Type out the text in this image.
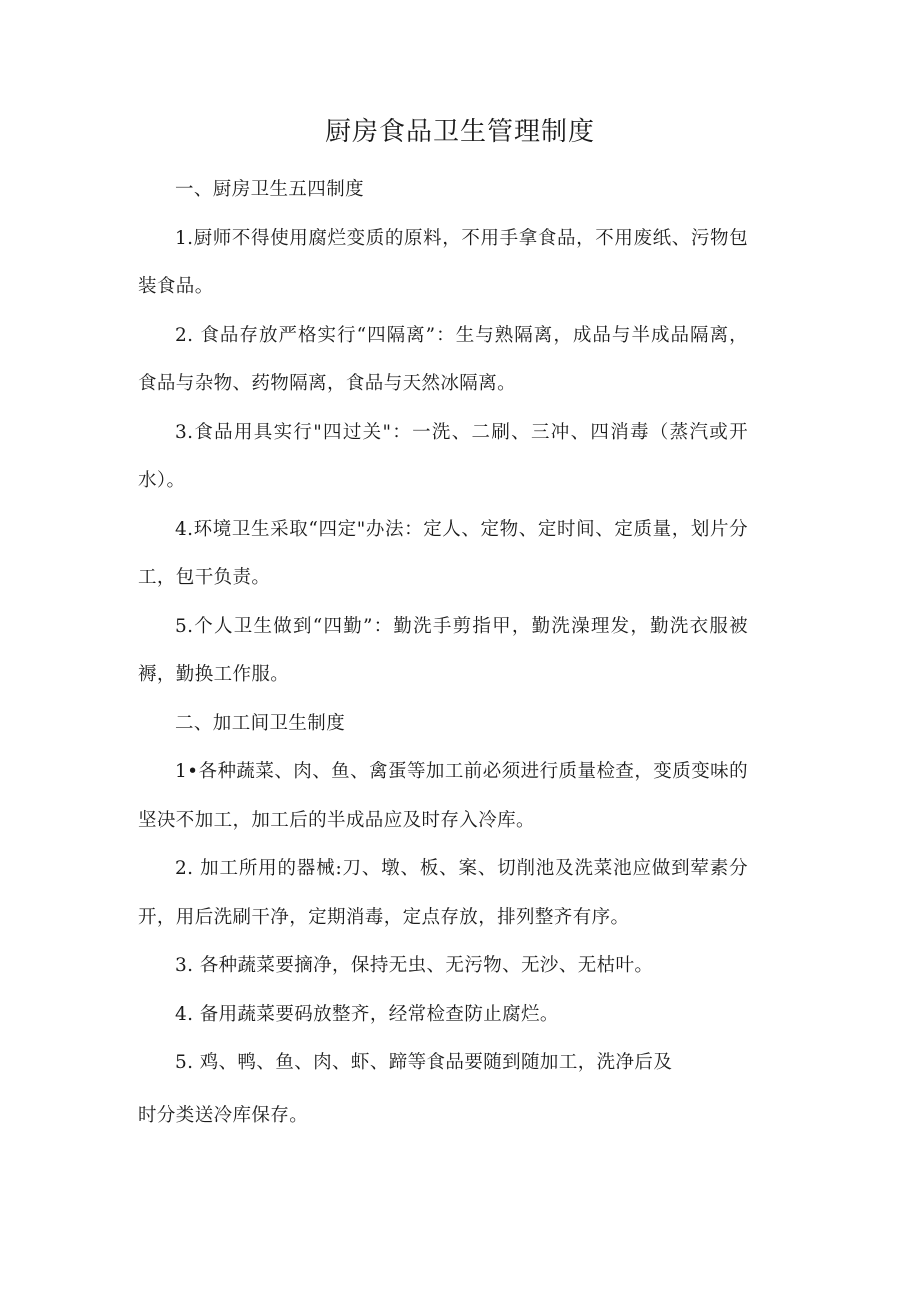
厨房食品卫生管理制度

一、厨房卫生五四制度

1.厨师不得使用腐烂变质的原料，不用手拿食品，不用废纸、污物包装食品。

2. 食品存放严格实行“四隔离”：生与熟隔离，成品与半成品隔离，食品与杂物、药物隔离，食品与天然冰隔离。

3.食品用具实行"四过关"：一洗、二刷、三冲、四消毒（蒸汽或开水）。

4.环境卫生采取“四定"办法：定人、定物、定时间、定质量，划片分工，包干负责。

5.个人卫生做到“四勤”：勤洗手剪指甲，勤洗澡理发，勤洗衣服被褥，勤换工作服。

二、加工间卫生制度

1•各种蔬菜、肉、鱼、禽蛋等加工前必须进行质量检查，变质变味的坚决不加工，加工后的半成品应及时存入冷库。

2. 加工所用的器械:刀、墩、板、案、切削池及洗菜池应做到荤素分开，用后洗刷干净，定期消毒，定点存放，排列整齐有序。

3. 各种蔬菜要摘净，保持无虫、无污物、无沙、无枯叶。

4. 备用蔬菜要码放整齐，经常检查防止腐烂。

5. 鸡、鸭、鱼、肉、虾、蹄等食品要随到随加工，洗净后及
时分类送冷库保存。
